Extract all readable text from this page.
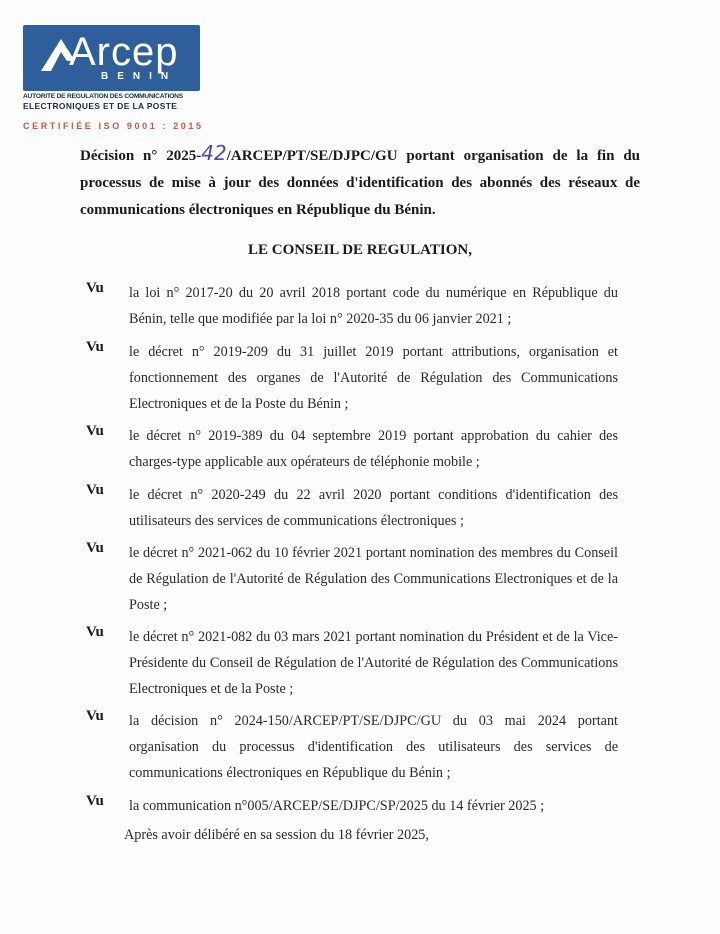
Arcep
BENIN
AUTORITE DE REGULATION DES COMMUNICATIONS
ELECTRONIQUES ET DE LA POSTE
CERTIFIÉE ISO 9001 : 2015

Décision n° 2025-42/ARCEP/PT/SE/DJPC/GU portant organisation de la fin du processus de mise à jour des données d'identification des abonnés des réseaux de communications électroniques en République du Bénin.

LE CONSEIL DE REGULATION,

Vu la loi n° 2017-20 du 20 avril 2018 portant code du numérique en République du Bénin, telle que modifiée par la loi n° 2020-35 du 06 janvier 2021 ;
Vu le décret n° 2019-209 du 31 juillet 2019 portant attributions, organisation et fonctionnement des organes de l'Autorité de Régulation des Communications Electroniques et de la Poste du Bénin ;
Vu le décret n° 2019-389 du 04 septembre 2019 portant approbation du cahier des charges-type applicable aux opérateurs de téléphonie mobile ;
Vu le décret n° 2020-249 du 22 avril 2020 portant conditions d'identification des utilisateurs des services de communications électroniques ;
Vu le décret n° 2021-062 du 10 février 2021 portant nomination des membres du Conseil de Régulation de l'Autorité de Régulation des Communications Electroniques et de la Poste ;
Vu le décret n° 2021-082 du 03 mars 2021 portant nomination du Président et de la Vice-Présidente du Conseil de Régulation de l'Autorité de Régulation des Communications Electroniques et de la Poste ;
Vu la décision n° 2024-150/ARCEP/PT/SE/DJPC/GU du 03 mai 2024 portant organisation du processus d'identification des utilisateurs des services de communications électroniques en République du Bénin ;
Vu la communication n°005/ARCEP/SE/DJPC/SP/2025 du 14 février 2025 ;
Après avoir délibéré en sa session du 18 février 2025,
